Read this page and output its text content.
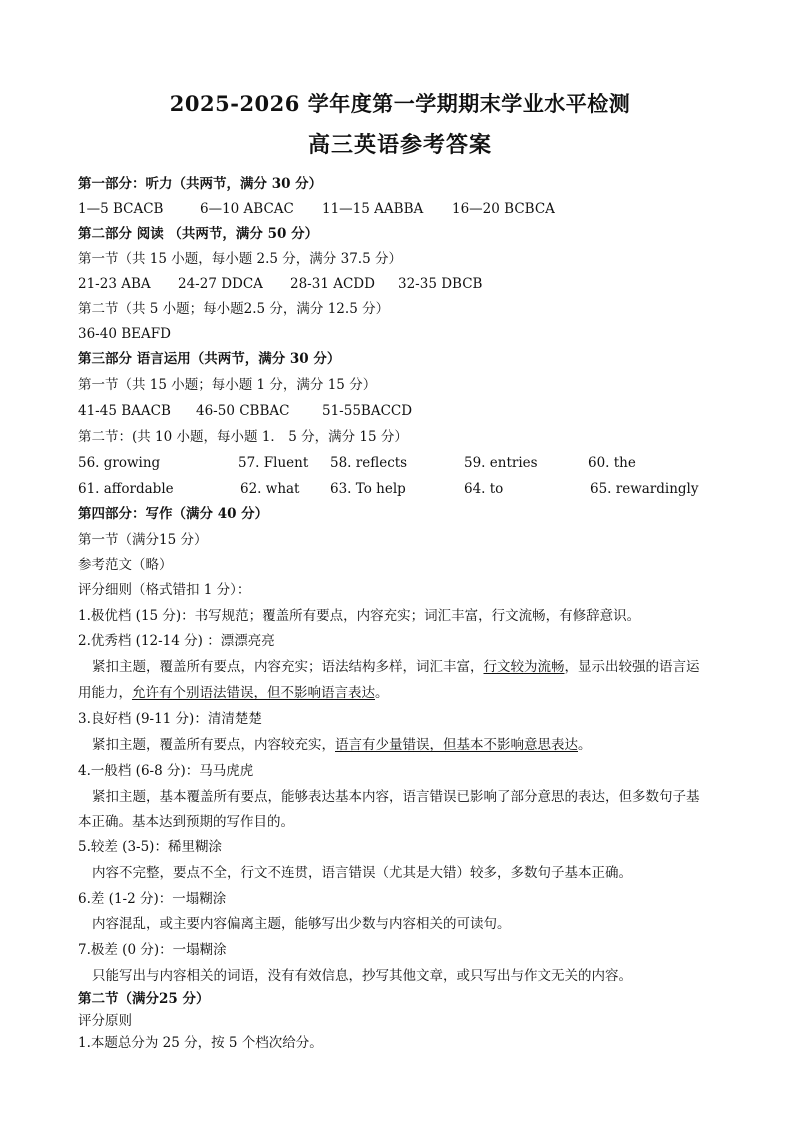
2025-2026 学年度第一学期期末学业水平检测
高三英语参考答案
第一部分：听力（共两节，满分 30 分）
1—5 BCACB	6—10 ABCAC 11—15 AABBA 16—20 BCBCA
第二部分 阅读 （共两节，满分 50 分）
第一节（共 15 小题，每小题 2.5 分，满分 37.5 分）
21-23 ABA 24-27 DDCA 28-31 ACDD 32-35 DBCB
第二节（共 5 小题；每小题2.5 分，满分 12.5 分）
36-40 BEAFD
第三部分 语言运用（共两节，满分 30 分）
第一节（共 15 小题；每小题 1 分，满分 15 分）
41-45 BAACB 46-50 CBBAC 51-55BACCD
第二节：(共 10 小题，每小题 1． 5 分，满分 15 分）
56. growing	57. Fluent 58. reflects	59. entries	60. the
61. affordable	62. what 63. To help	64. to	65. rewardingly
第四部分：写作（满分 40 分）
第一节（满分15 分）
参考范文（略）
评分细则（格式错扣 1 分）：
1.极优档 (15 分)：书写规范；覆盖所有要点，内容充实；词汇丰富，行文流畅，有修辞意识。
2.优秀档 (12-14 分) ：漂漂亮亮
紧扣主题，覆盖所有要点，内容充实；语法结构多样，词汇丰富，行文较为流畅，显示出较强的语言运
用能力，允许有个别语法错误，但不影响语言表达。
3.良好档 (9-11 分)：清清楚楚
紧扣主题，覆盖所有要点，内容较充实，语言有少量错误，但基本不影响意思表达。
4.一般档 (6-8 分)：马马虎虎
紧扣主题，基本覆盖所有要点，能够表达基本内容，语言错误已影响了部分意思的表达，但多数句子基
本正确。基本达到预期的写作目的。
5.较差 (3-5)：稀里糊涂
内容不完整，要点不全，行文不连贯，语言错误（尤其是大错）较多，多数句子基本正确。
6.差 (1-2 分)：一塌糊涂
内容混乱，或主要内容偏离主题，能够写出少数与内容相关的可读句。
7.极差 (0 分)：一塌糊涂
只能写出与内容相关的词语，没有有效信息，抄写其他文章，或只写出与作文无关的内容。
第二节（满分25 分）
评分原则
1.本题总分为 25 分，按 5 个档次给分。
